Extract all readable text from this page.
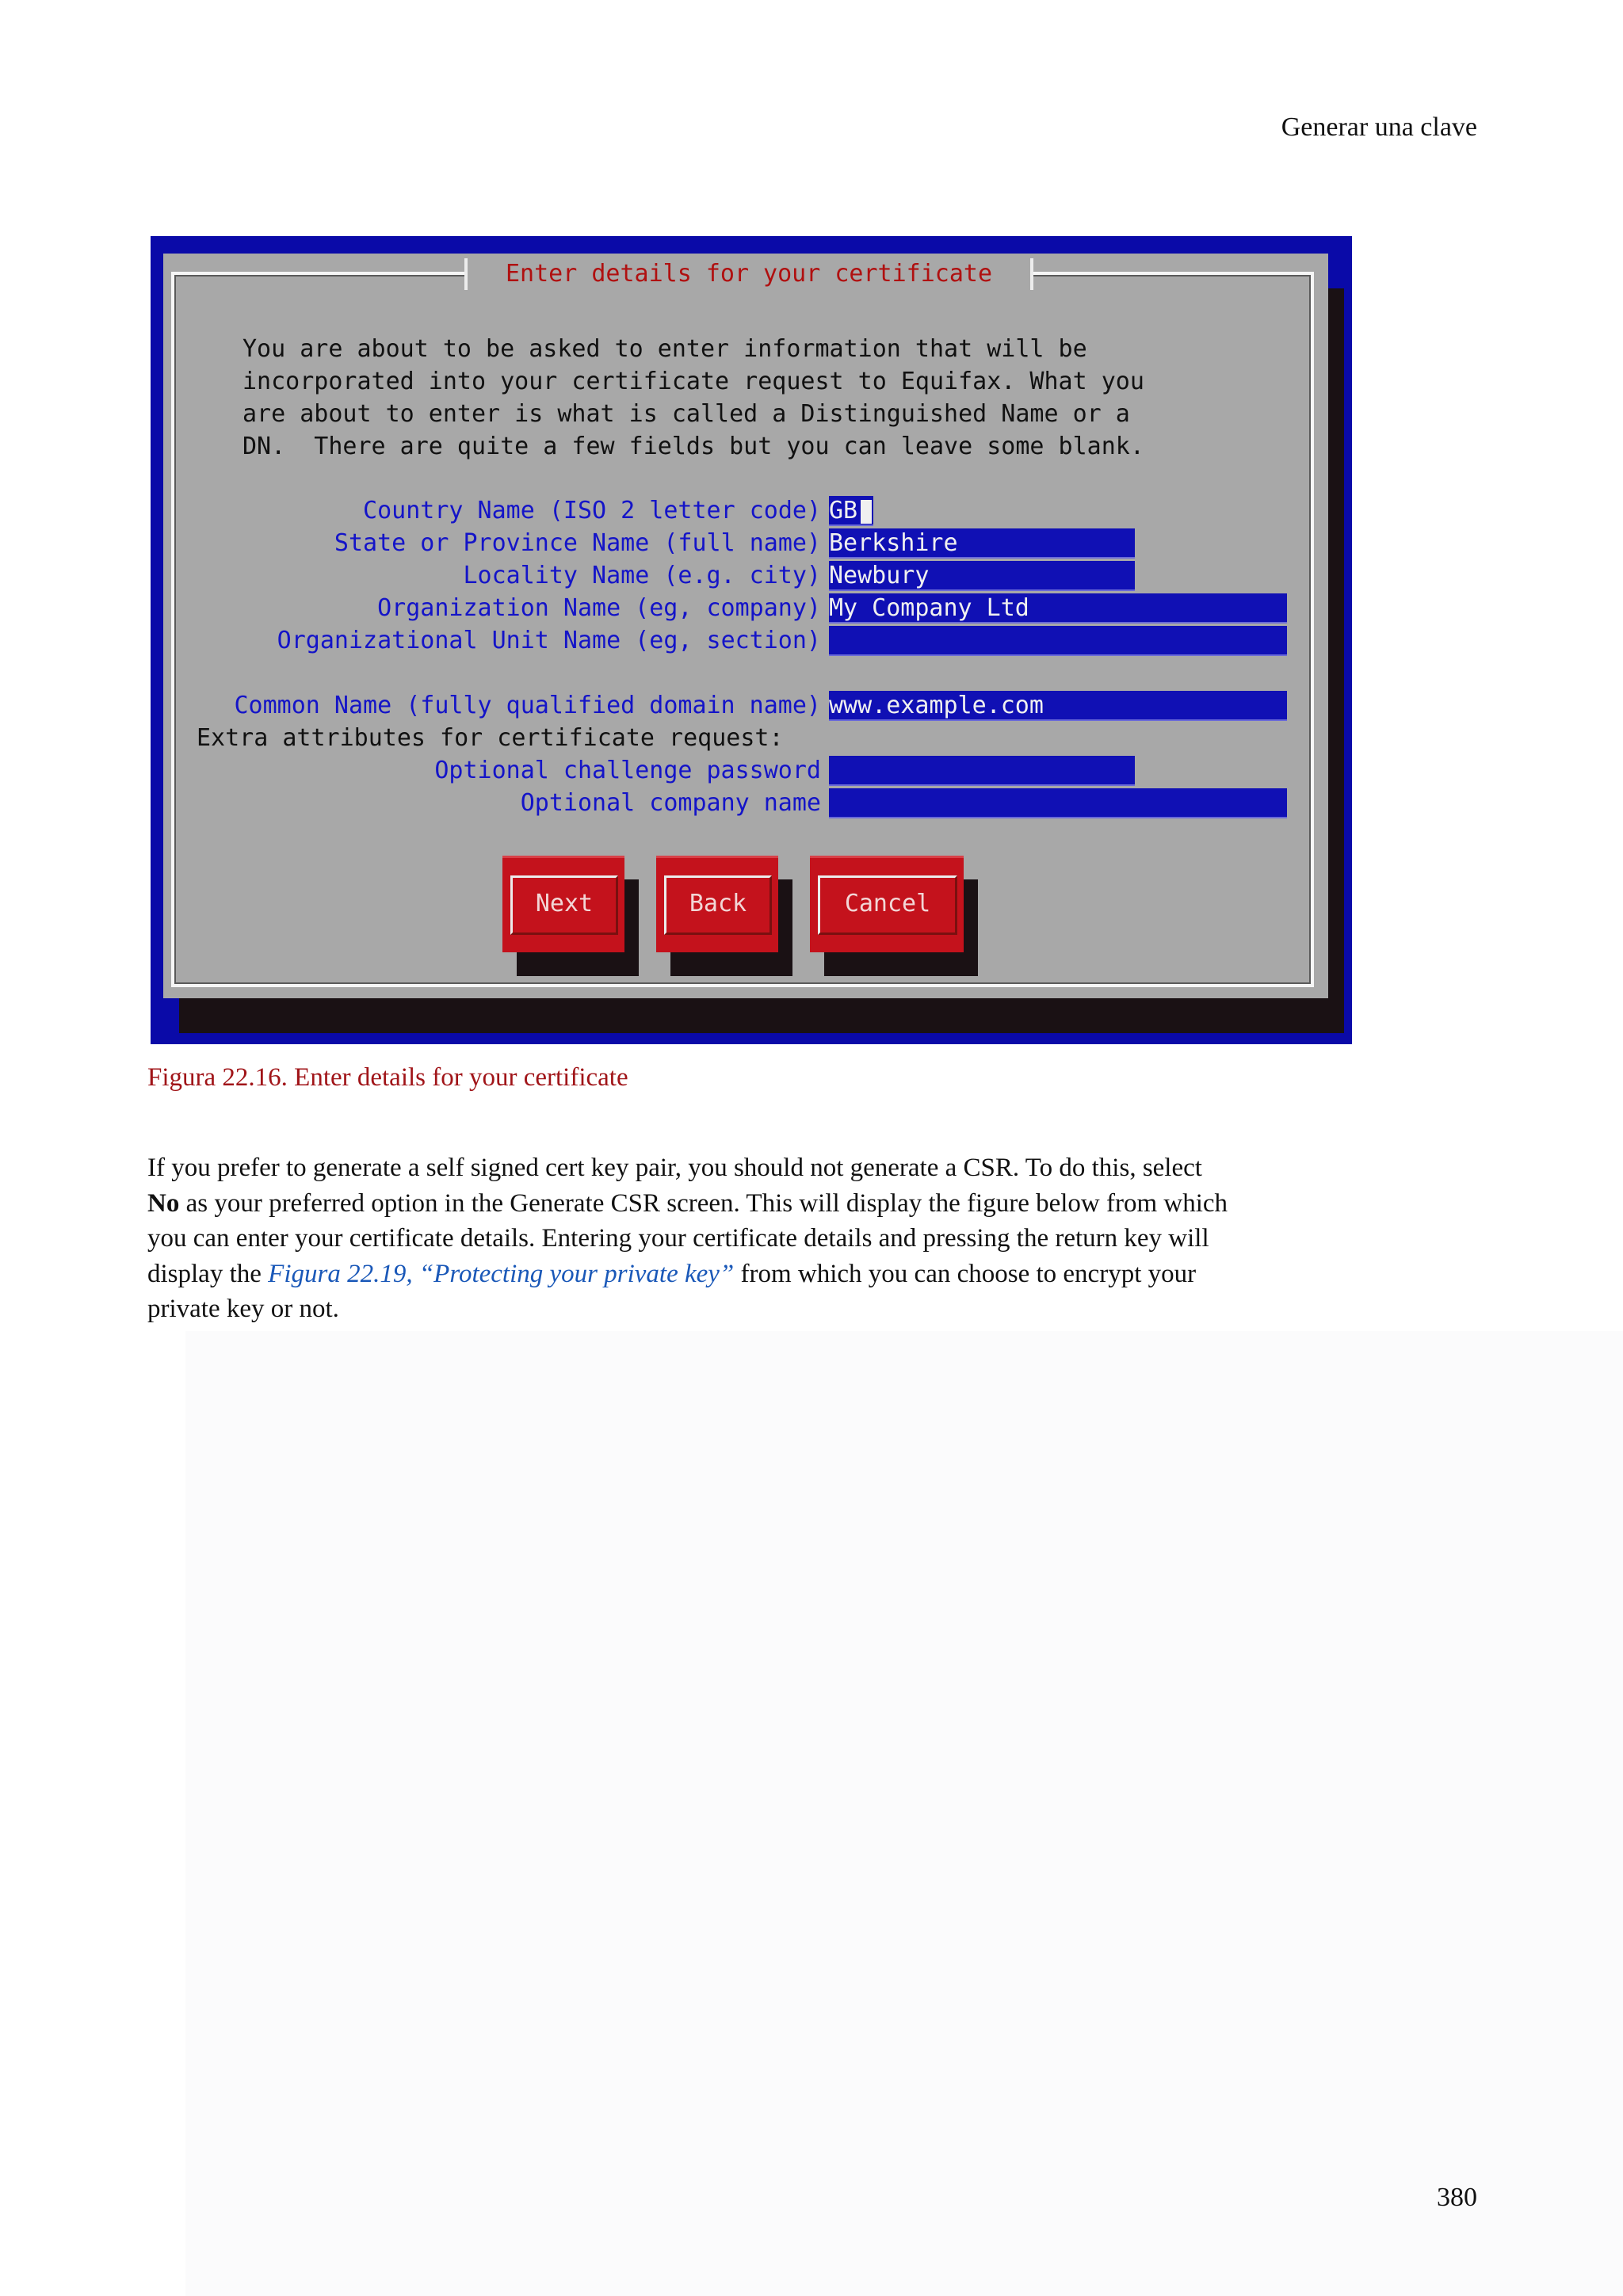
Generar una clave
Enter details for your certificate
You are about to be asked to enter information that will be
incorporated into your certificate request to Equifax. What you
are about to enter is what is called a Distinguished Name or a
DN.  There are quite a few fields but you can leave some blank.
Country Name (ISO 2 letter code) GB
State or Province Name (full name) Berkshire
Locality Name (e.g. city) Newbury
Organization Name (eg, company) My Company Ltd
Organizational Unit Name (eg, section)
Common Name (fully qualified domain name) www.example.com
Extra attributes for certificate request:
Optional challenge password
Optional company name
Next	Back	Cancel
Figura 22.16. Enter details for your certificate
If you prefer to generate a self signed cert key pair, you should not generate a CSR. To do this, select
No as your preferred option in the Generate CSR screen. This will display the figure below from which
you can enter your certificate details. Entering your certificate details and pressing the return key will
display the Figura 22.19, “Protecting your private key” from which you can choose to encrypt your
private key or not.
380
